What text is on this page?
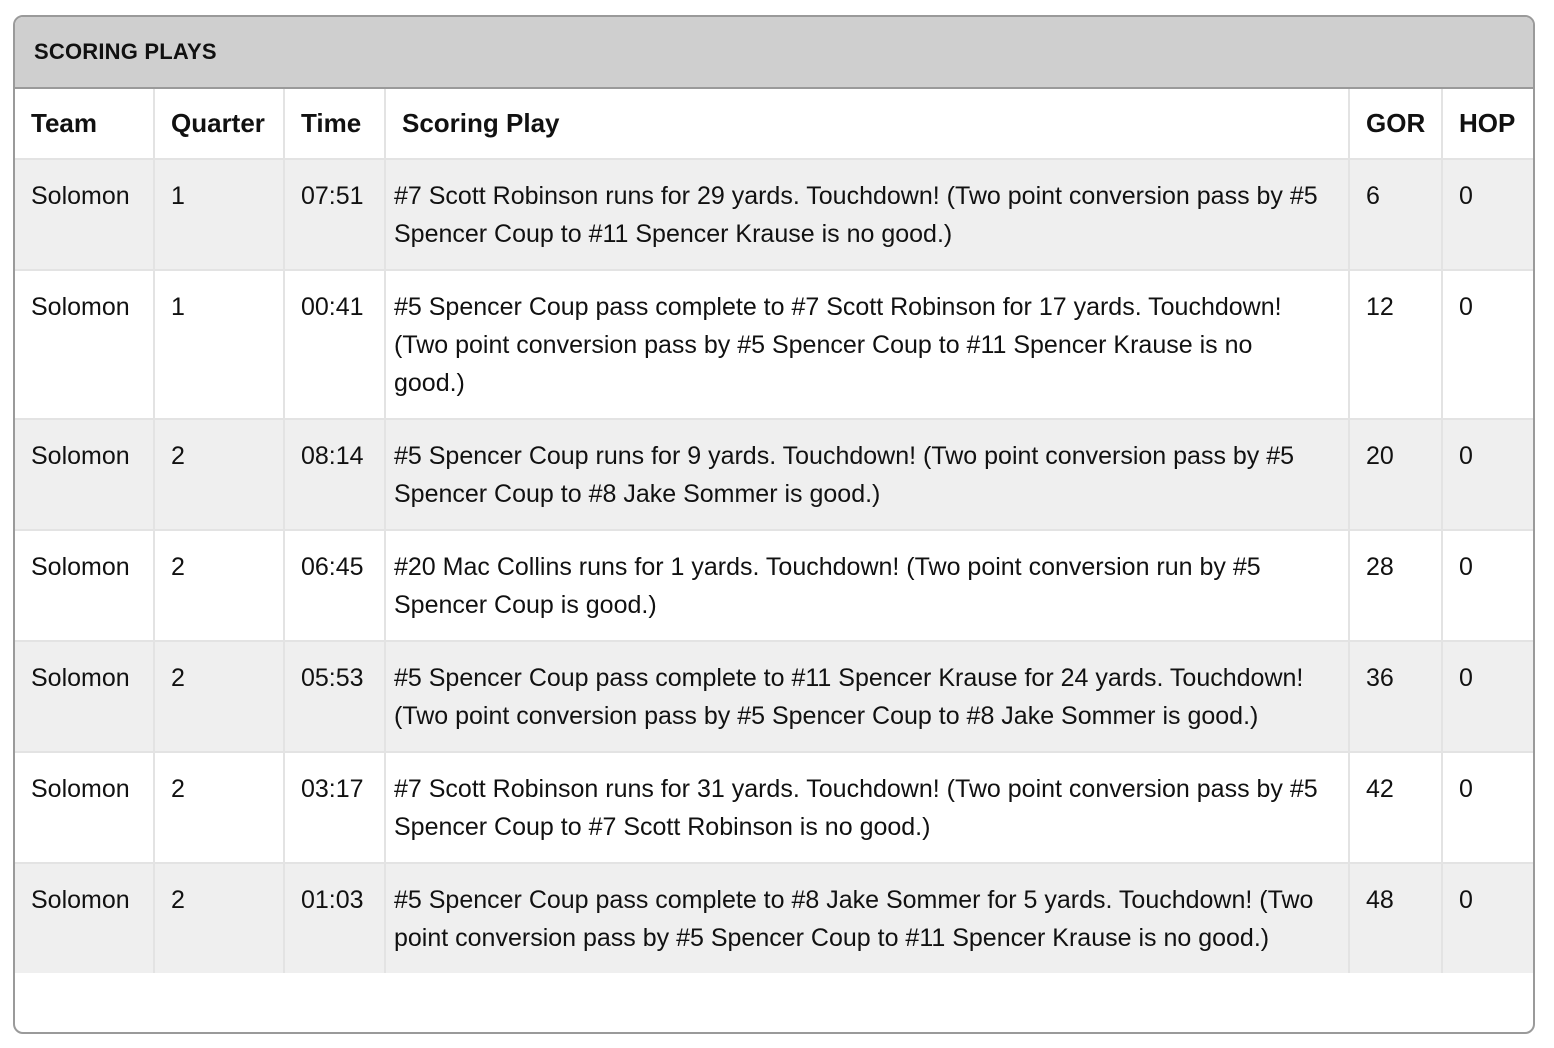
SCORING PLAYS
Team	Quarter	Time	Scoring Play	GOR	HOP
Solomon	1	07:51	#7 Scott Robinson runs for 29 yards. Touchdown! (Two point conversion pass by #5 Spencer Coup to #11 Spencer Krause is no good.)	6	0
Solomon	1	00:41	#5 Spencer Coup pass complete to #7 Scott Robinson for 17 yards. Touchdown! (Two point conversion pass by #5 Spencer Coup to #11 Spencer Krause is no good.)	12	0
Solomon	2	08:14	#5 Spencer Coup runs for 9 yards. Touchdown! (Two point conversion pass by #5 Spencer Coup to #8 Jake Sommer is good.)	20	0
Solomon	2	06:45	#20 Mac Collins runs for 1 yards. Touchdown! (Two point conversion run by #5 Spencer Coup is good.)	28	0
Solomon	2	05:53	#5 Spencer Coup pass complete to #11 Spencer Krause for 24 yards. Touchdown! (Two point conversion pass by #5 Spencer Coup to #8 Jake Sommer is good.)	36	0
Solomon	2	03:17	#7 Scott Robinson runs for 31 yards. Touchdown! (Two point conversion pass by #5 Spencer Coup to #7 Scott Robinson is no good.)	42	0
Solomon	2	01:03	#5 Spencer Coup pass complete to #8 Jake Sommer for 5 yards. Touchdown! (Two point conversion pass by #5 Spencer Coup to #11 Spencer Krause is no good.)	48	0
